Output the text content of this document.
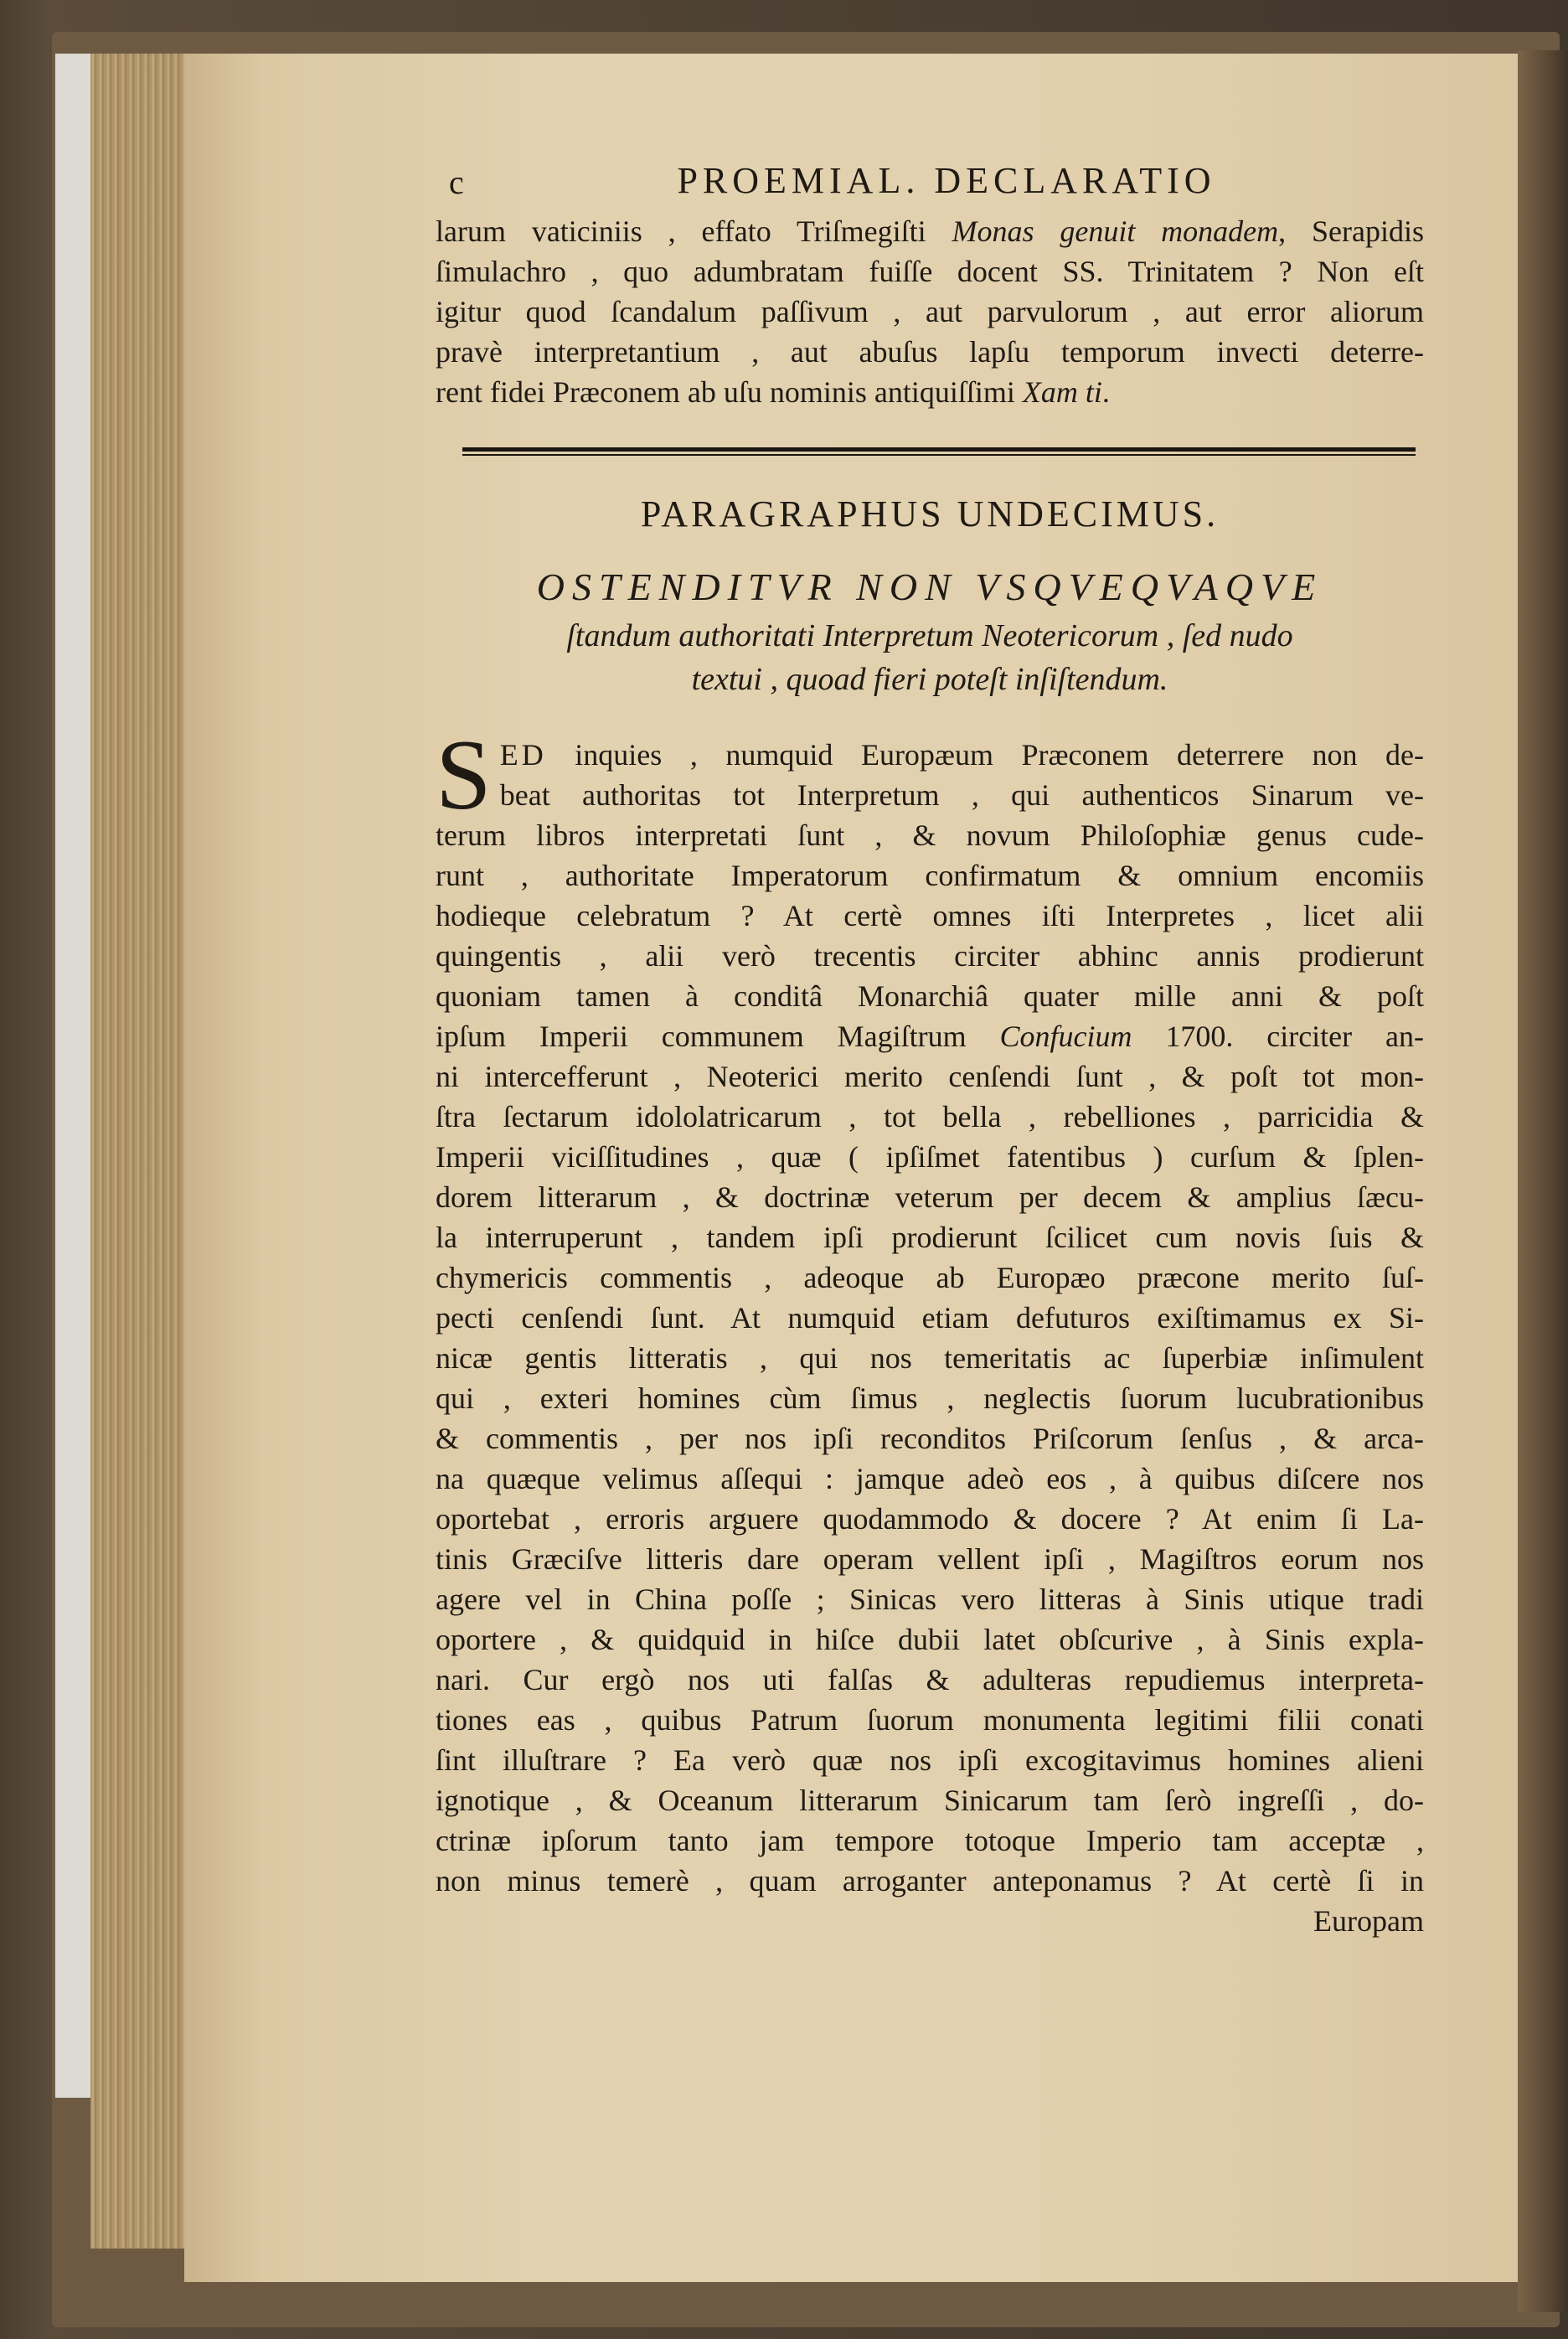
c	PROEMIAL. DECLARATIO
larum vaticiniis , effato Triſmegiſti Monas genuit monadem, Serapidis
ſimulachro , quo adumbratam fuiſſe docent SS. Trinitatem ? Non eſt
igitur quod ſcandalum paſſivum , aut parvulorum , aut error aliorum
pravè interpretantium , aut abuſus lapſu temporum invecti deterre-
rent fidei Præconem ab uſu nominis antiquiſſimi Xam ti.
PARAGRAPHUS UNDECIMUS.
OSTENDITVR NON VSQVEQVAQVE
ſtandum authoritati Interpretum Neotericorum , ſed nudo
textui , quoad fieri poteſt inſiſtendum.
S ED inquies , numquid Europæum Præconem deterrere non de-
beat authoritas tot Interpretum , qui authenticos Sinarum ve-
terum libros interpretati ſunt , & novum Philoſophiæ genus cude-
runt , authoritate Imperatorum confirmatum & omnium encomiis
hodieque celebratum ? At certè omnes iſti Interpretes , licet alii
quingentis , alii verò trecentis circiter abhinc annis prodierunt
quoniam tamen à conditâ Monarchiâ quater mille anni & poſt
ipſum Imperii communem Magiſtrum Confucium 1700. circiter an-
ni intercefferunt , Neoterici merito cenſendi ſunt , & poſt tot mon-
ſtra ſectarum idololatricarum , tot bella , rebelliones , parricidia &
Imperii viciſſitudines , quæ ( ipſiſmet fatentibus ) curſum & ſplen-
dorem litterarum , & doctrinæ veterum per decem & amplius ſæcu-
la interruperunt , tandem ipſi prodierunt ſcilicet cum novis ſuis &
chymericis commentis , adeoque ab Europæo præcone merito ſuſ-
pecti cenſendi ſunt. At numquid etiam defuturos exiſtimamus ex Si-
nicæ gentis litteratis , qui nos temeritatis ac ſuperbiæ inſimulent
qui , exteri homines cùm ſimus , neglectis ſuorum lucubrationibus
& commentis , per nos ipſi reconditos Priſcorum ſenſus , & arca-
na quæque velimus aſſequi : jamque adeò eos , à quibus diſcere nos
oportebat , erroris arguere quodammodo & docere ? At enim ſi La-
tinis Græciſve litteris dare operam vellent ipſi , Magiſtros eorum nos
agere vel in China poſſe ; Sinicas vero litteras à Sinis utique tradi
oportere , & quidquid in hiſce dubii latet obſcurive , à Sinis expla-
nari. Cur ergò nos uti falſas & adulteras repudiemus interpreta-
tiones eas , quibus Patrum ſuorum monumenta legitimi filii conati
ſint illuſtrare ? Ea verò quæ nos ipſi excogitavimus homines alieni
ignotique , & Oceanum litterarum Sinicarum tam ſerò ingreſſi , do-
ctrinæ ipſorum tanto jam tempore totoque Imperio tam acceptæ ,
non minus temerè , quam arroganter anteponamus ? At certè ſi in
Europam
